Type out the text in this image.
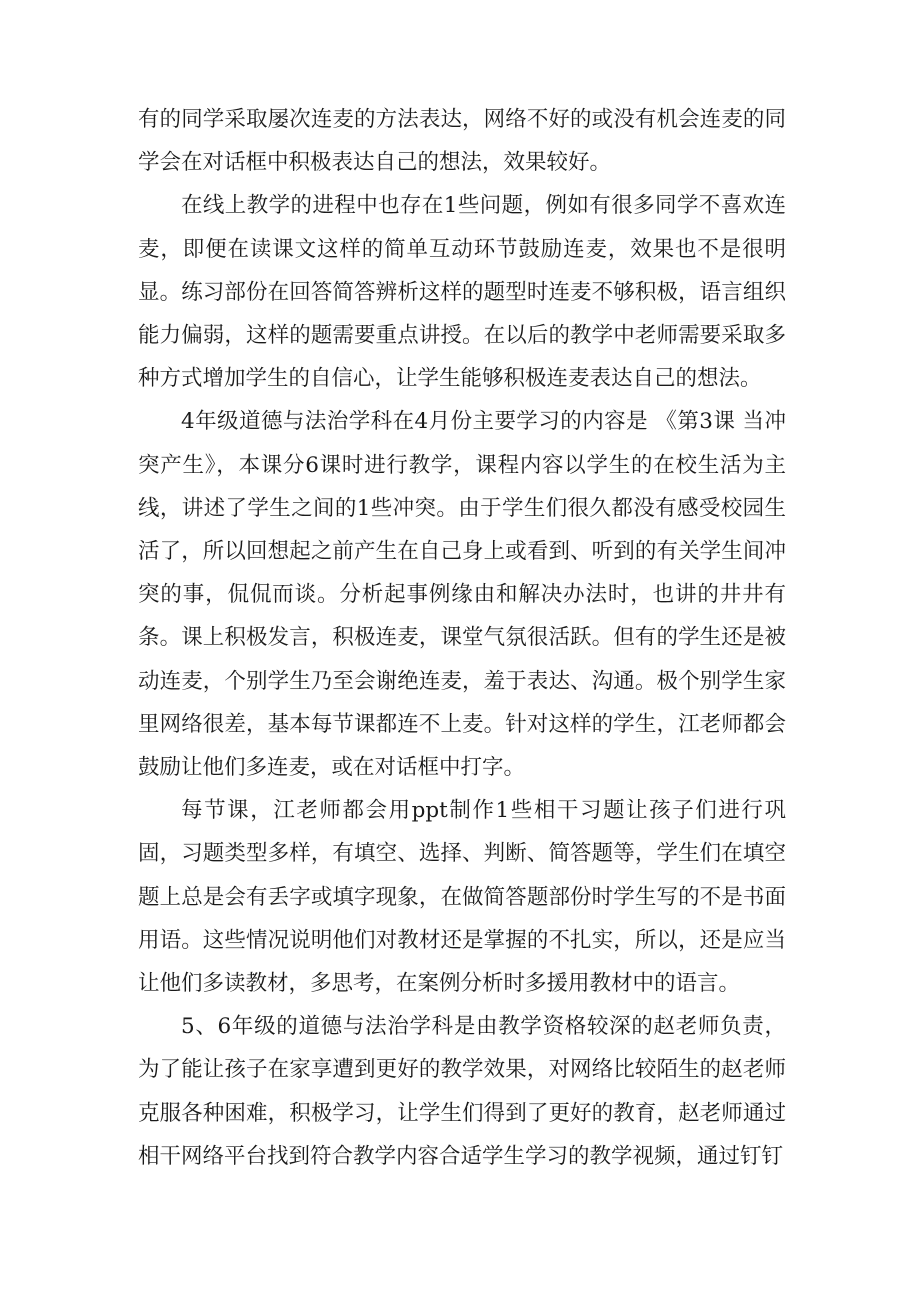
有的同学采取屡次连麦的方法表达，网络不好的或没有机会连麦的同学会在对话框中积极表达自己的想法，效果较好。

在线上教学的进程中也存在1些问题，例如有很多同学不喜欢连麦，即便在读课文这样的简单互动环节鼓励连麦，效果也不是很明显。练习部份在回答简答辨析这样的题型时连麦不够积极，语言组织能力偏弱，这样的题需要重点讲授。在以后的教学中老师需要采取多种方式增加学生的自信心，让学生能够积极连麦表达自己的想法。

4年级道德与法治学科在4月份主要学习的内容是 《第3课 当冲突产生》，本课分6课时进行教学，课程内容以学生的在校生活为主线，讲述了学生之间的1些冲突。由于学生们很久都没有感受校园生活了，所以回想起之前产生在自己身上或看到、听到的有关学生间冲突的事，侃侃而谈。分析起事例缘由和解决办法时，也讲的井井有条。课上积极发言，积极连麦，课堂气氛很活跃。但有的学生还是被动连麦，个别学生乃至会谢绝连麦，羞于表达、沟通。极个别学生家里网络很差，基本每节课都连不上麦。针对这样的学生，江老师都会鼓励让他们多连麦，或在对话框中打字。

每节课，江老师都会用ppt制作1些相干习题让孩子们进行巩固，习题类型多样，有填空、选择、判断、简答题等，学生们在填空题上总是会有丢字或填字现象，在做简答题部份时学生写的不是书面用语。这些情况说明他们对教材还是掌握的不扎实，所以，还是应当让他们多读教材，多思考，在案例分析时多援用教材中的语言。

5、6年级的道德与法治学科是由教学资格较深的赵老师负责，为了能让孩子在家享遭到更好的教学效果，对网络比较陌生的赵老师克服各种困难，积极学习，让学生们得到了更好的教育，赵老师通过相干网络平台找到符合教学内容合适学生学习的教学视频，通过钉钉
